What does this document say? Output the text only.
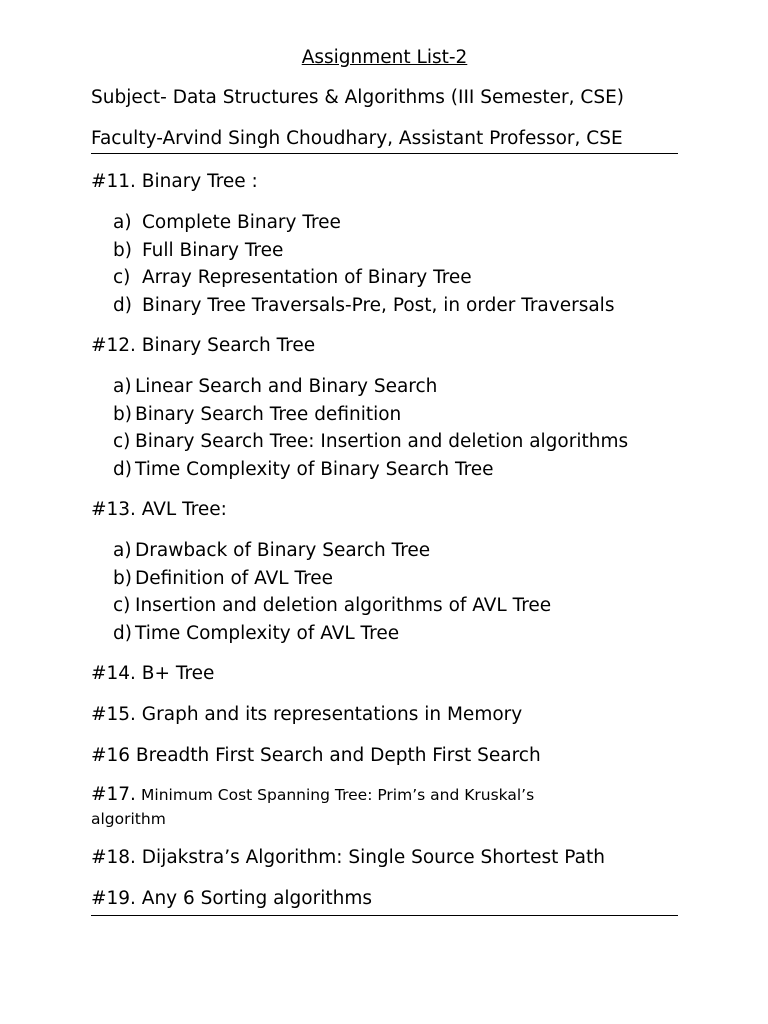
Assignment List-2
Subject- Data Structures & Algorithms (III Semester, CSE)
Faculty-Arvind Singh Choudhary, Assistant Professor, CSE
#11. Binary Tree :
a) Complete Binary Tree
b) Full Binary Tree
c) Array Representation of Binary Tree
d) Binary Tree Traversals-Pre, Post, in order Traversals
#12. Binary Search Tree
a) Linear Search and Binary Search
b) Binary Search Tree definition
c) Binary Search Tree: Insertion and deletion algorithms
d) Time Complexity of Binary Search Tree
#13. AVL Tree:
a) Drawback of Binary Search Tree
b) Definition of AVL Tree
c) Insertion and deletion algorithms of AVL Tree
d) Time Complexity of AVL Tree
#14. B+ Tree
#15. Graph and its representations in Memory
#16 Breadth First Search and Depth First Search
#17. Minimum Cost Spanning Tree: Prim’s and Kruskal’s
algorithm
#18. Dijakstra’s Algorithm: Single Source Shortest Path
#19. Any 6 Sorting algorithms
